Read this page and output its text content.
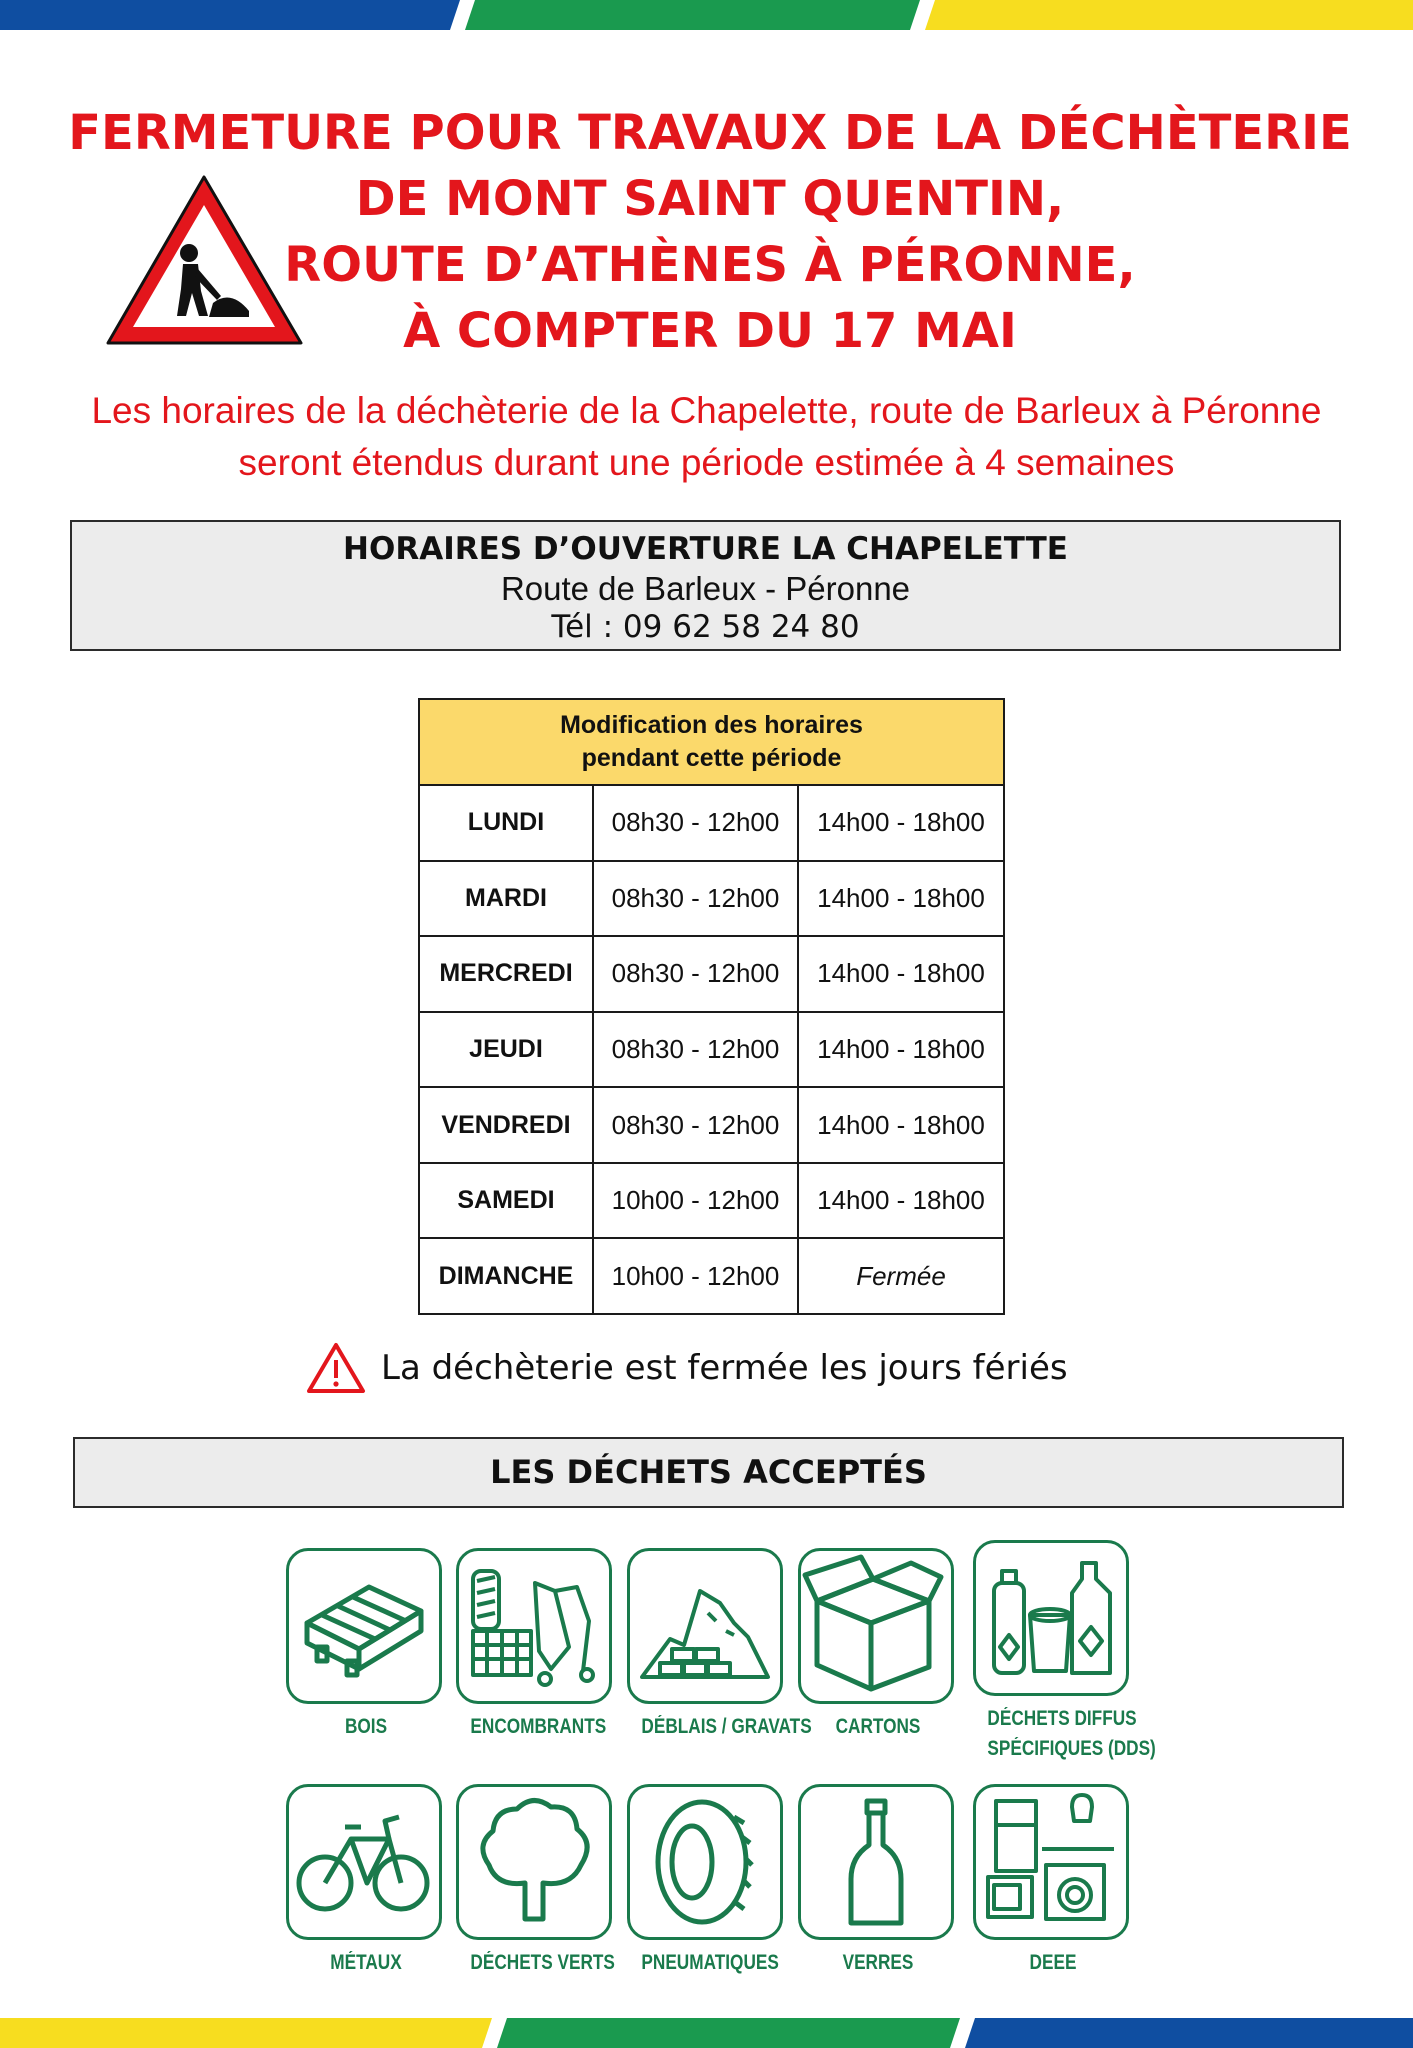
FERMETURE POUR TRAVAUX DE LA DÉCHÈTERIE
DE MONT SAINT QUENTIN,
ROUTE D’ATHÈNES À PÉRONNE,
À COMPTER DU 17 MAI
Les horaires de la déchèterie de la Chapelette, route de Barleux à Péronne
seront étendus durant une période estimée à 4 semaines
HORAIRES D’OUVERTURE LA CHAPELETTE
Route de Barleux - Péronne
Tél : 09 62 58 24 80
Modification des horaires
pendant cette période		

LUNDI	08h30 - 12h00	14h00 - 18h00
MARDI	08h30 - 12h00	14h00 - 18h00
MERCREDI	08h30 - 12h00	14h00 - 18h00
JEUDI	08h30 - 12h00	14h00 - 18h00
VENDREDI	08h30 - 12h00	14h00 - 18h00
SAMEDI	10h00 - 12h00	14h00 - 18h00
DIMANCHE	10h00 - 12h00	Fermée
La déchèterie est fermée les jours fériés
LES DÉCHETS ACCEPTÉS
BOIS	ENCOMBRANTS DÉBLAIS / GRAVATS	CARTONS	DÉCHETS DIFFUS
SPÉCIFIQUES (DDS)
MÉTAUX	DÉCHETS VERTS PNEUMATIQUES	VERRES	DEEE
